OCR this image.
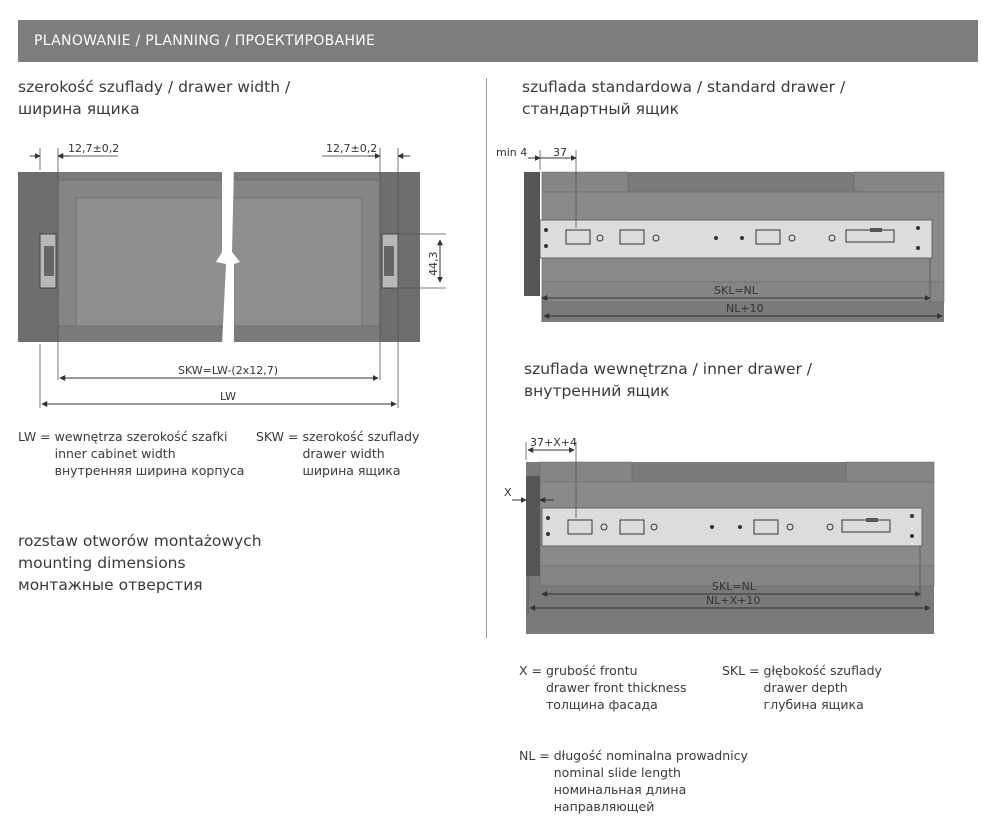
PLANOWANIE / PLANNING / ПРОЕКТИРОВАНИЕ
szerokość szuflady / drawer width /
ширина ящика
szuflada standardowa / standard drawer /
стандартный ящик
szuflada wewnętrzna / inner drawer /
внутренний ящик
12,7±0,2	12,7±0,2
44,3
SKW=LW-(2x12,7)
LW
min 4 37
SKL=NL
NL+10
37+X+4
X
SKL=NL
NL+X+10
LW = wewnętrza szerokość szafki
inner cabinet width
внутренняя ширина корпуса
SKW = szerokość szuflady
drawer width
ширина ящика
rozstaw otworów montażowych
mounting dimensions
монтажные отверстия
X = grubość frontu
drawer front thickness
толщина фасада
SKL = głębokość szuflady
drawer depth
глубина ящика
NL = długość nominalna prowadnicy
nominal slide length
номинальная длина
направляющей
